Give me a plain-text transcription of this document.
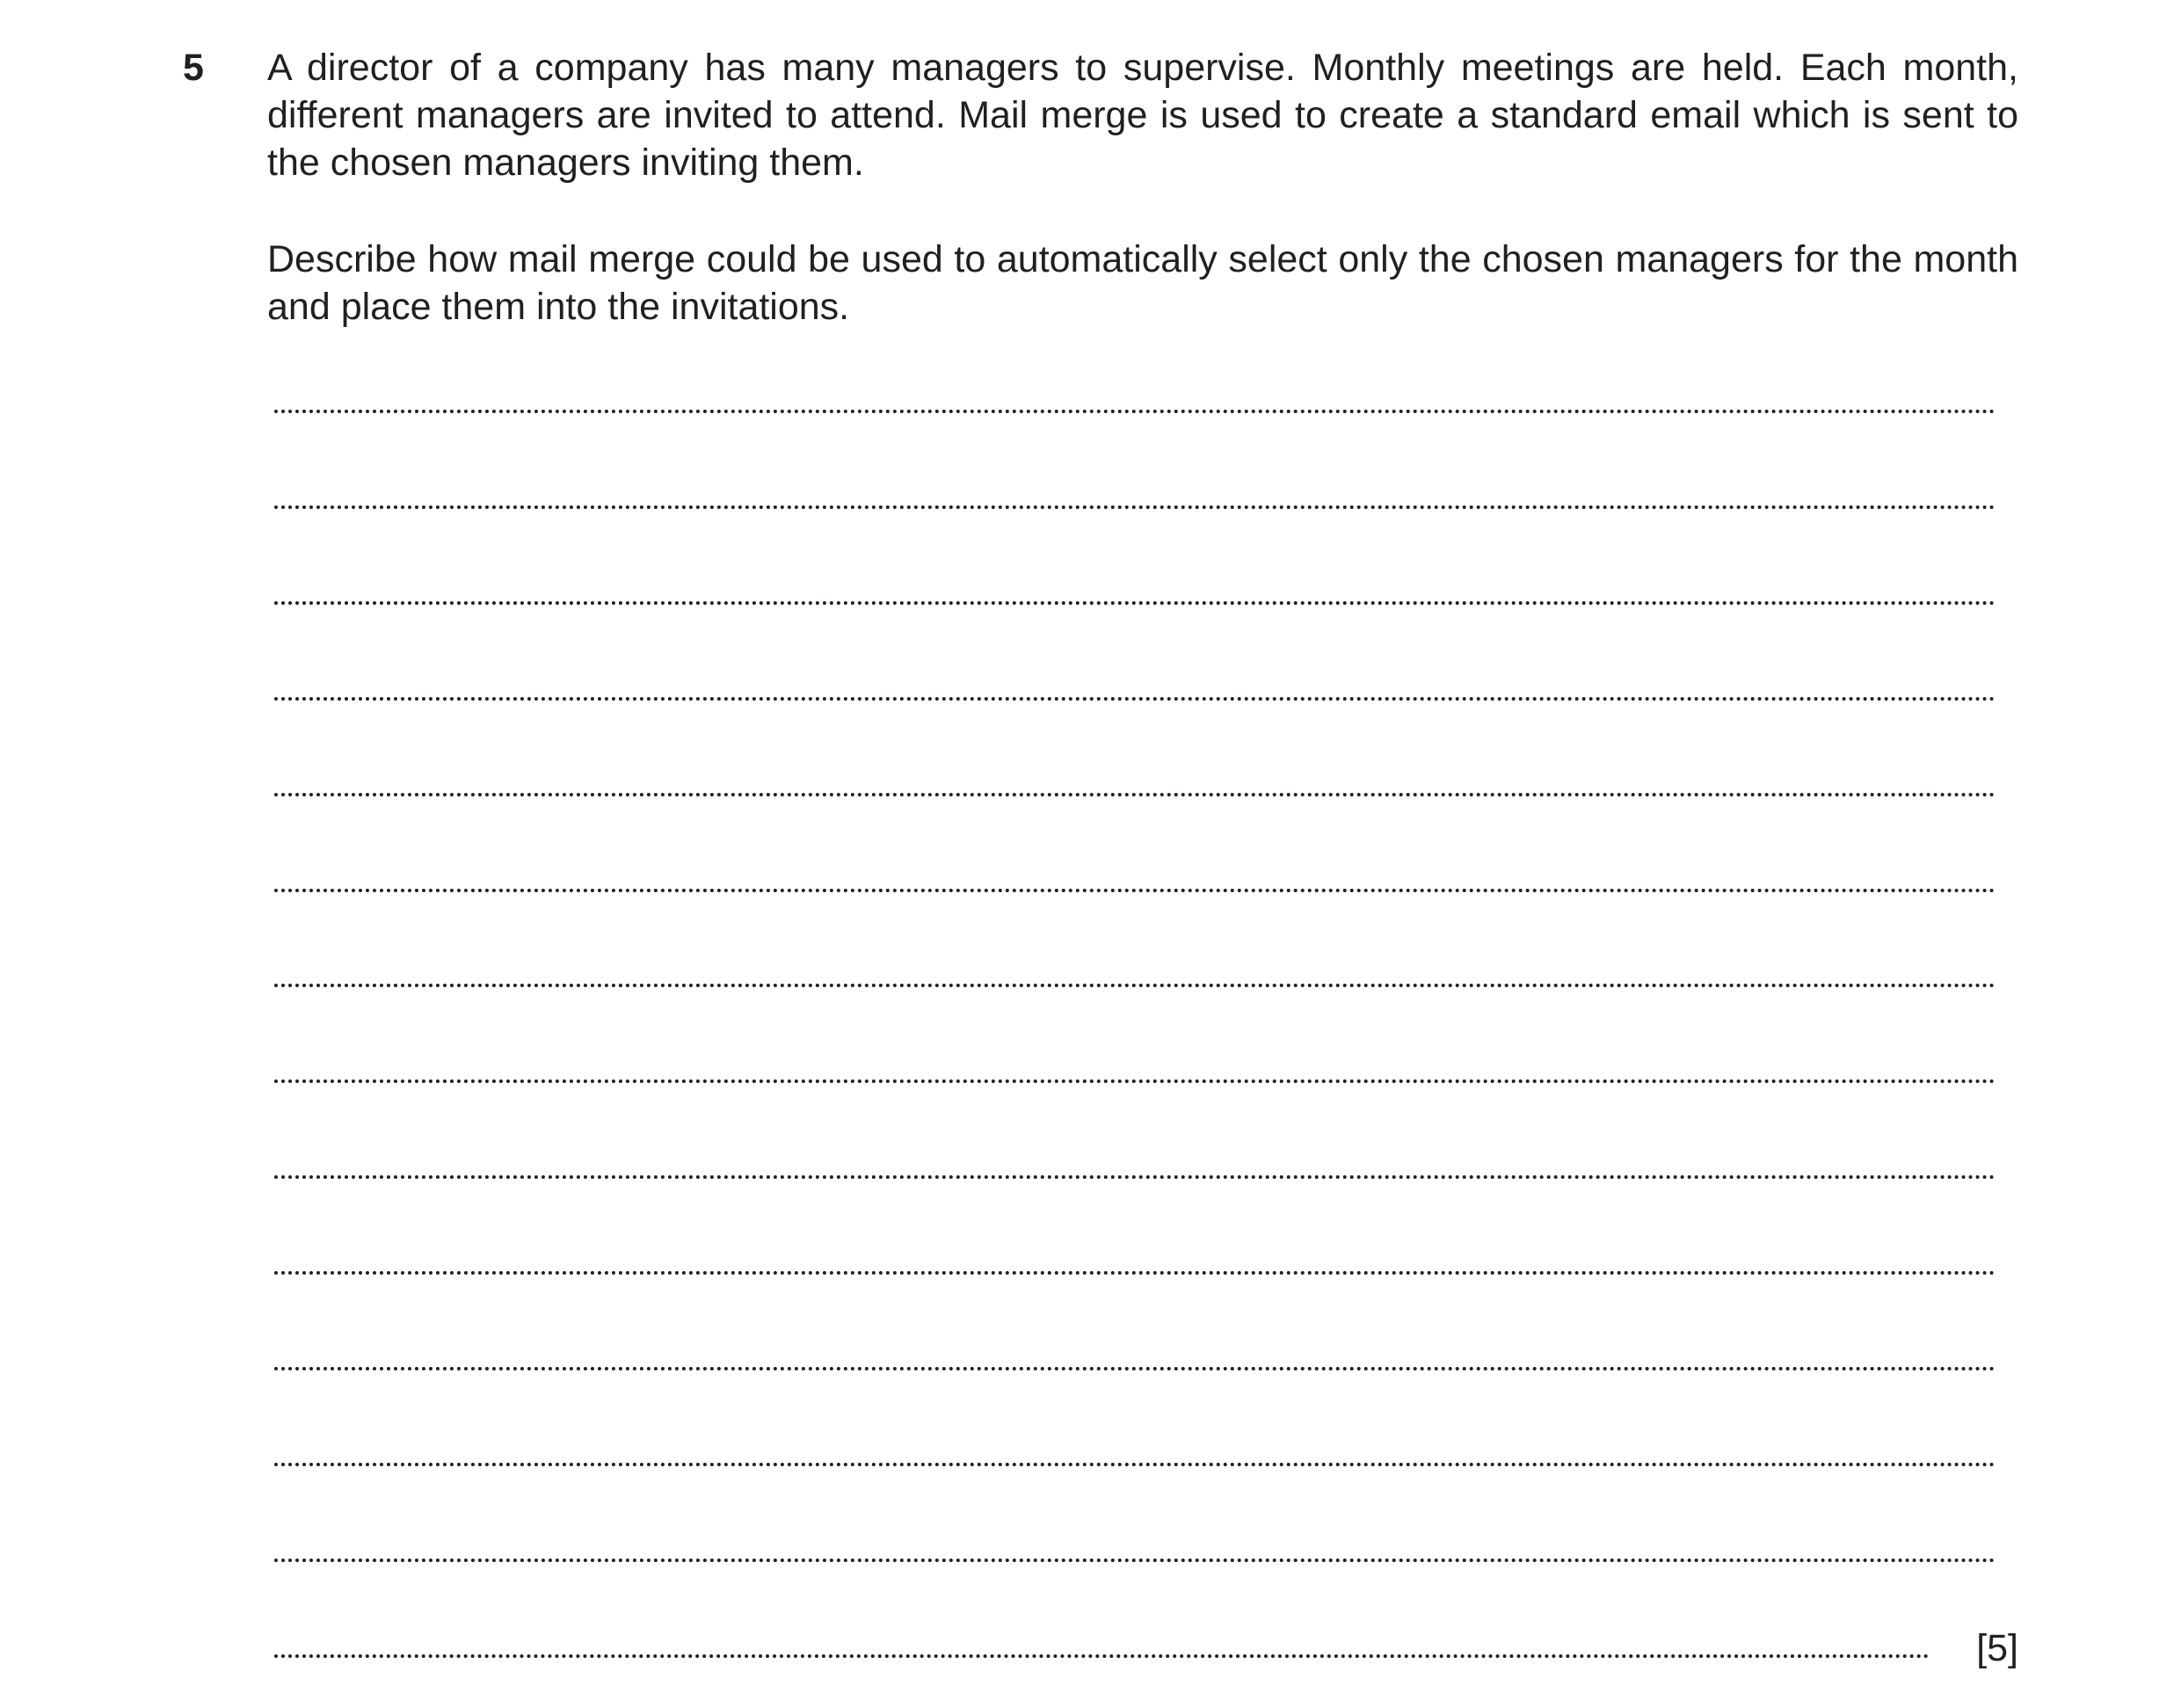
5 A director of a company has many managers to supervise. Monthly meetings are held. Each month, different managers are invited to attend. Mail merge is used to create a standard email which is sent to the chosen managers inviting them.

Describe how mail merge could be used to automatically select only the chosen managers for the month and place them into the invitations.

[5]
